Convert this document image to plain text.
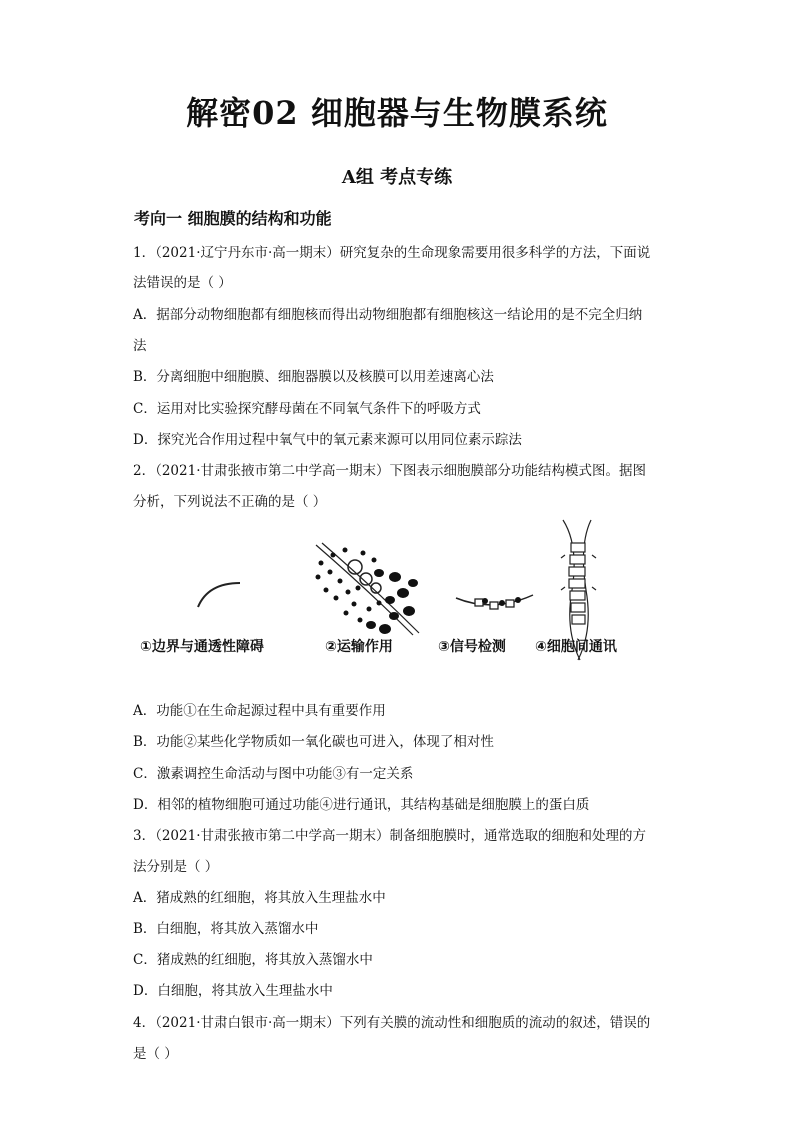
解密02 细胞器与生物膜系统
A组 考点专练
考向一 细胞膜的结构和功能
1．（2021·辽宁丹东市·高一期末）研究复杂的生命现象需要用很多科学的方法，下面说
法错误的是（ ）
A．据部分动物细胞都有细胞核而得出动物细胞都有细胞核这一结论用的是不完全归纳
法
B．分离细胞中细胞膜、细胞器膜以及核膜可以用差速离心法
C．运用对比实验探究酵母菌在不同氧气条件下的呼吸方式
D．探究光合作用过程中氧气中的氧元素来源可以用同位素示踪法
2．（2021·甘肃张掖市第二中学高一期末）下图表示细胞膜部分功能结构模式图。据图
分析，下列说法不正确的是（ ）
①边界与通透性障碍	②运输作用	③信号检测 ④细胞间通讯
A．功能①在生命起源过程中具有重要作用
B．功能②某些化学物质如一氧化碳也可进入，体现了相对性
C．激素调控生命活动与图中功能③有一定关系
D．相邻的植物细胞可通过功能④进行通讯，其结构基础是细胞膜上的蛋白质
3．（2021·甘肃张掖市第二中学高一期末）制备细胞膜时，通常选取的细胞和处理的方
法分别是（ ）
A．猪成熟的红细胞，将其放入生理盐水中
B．白细胞，将其放入蒸馏水中
C．猪成熟的红细胞，将其放入蒸馏水中
D．白细胞，将其放入生理盐水中
4．（2021·甘肃白银市·高一期末）下列有关膜的流动性和细胞质的流动的叙述，错误的
是（ ）
